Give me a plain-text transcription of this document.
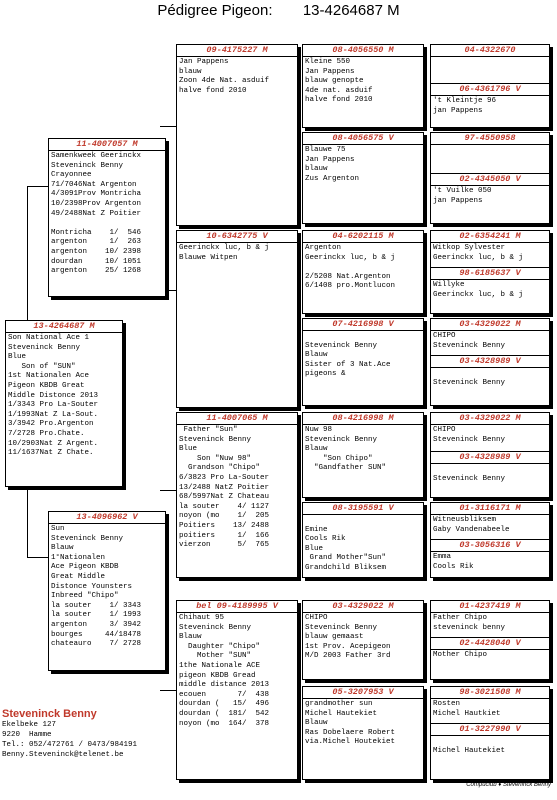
Pédigree Pigeon: 13-4264687 M
13-4264687 M
Son National Ace 1
Steveninck Benny
Blue
Son of "SUN"
1st Nationalen Ace
Pigeon KBDB Great
Middle Distonce 2013
1/3343 Pro La-Souter
1/1993Nat Z La-Sout.
3/3942 Pro.Argenton
7/2728 Pro.Chate.
10/2903Nat Z Argent.
11/1637Nat Z Chate.
11-4007057 M
Samenkweek Geerinckx
Steveninck Benny
Crayonnee
71/7046Nat Argenton
4/3091Prov Montricha
10/2398Prov Argenton
49/2488Nat Z Poitier

Montricha    1/  546
argenton     1/  263
argenton    10/ 2398
dourdan     10/ 1051
argenton    25/ 1268
13-4096962 V
Sun
Steveninck Benny
Blauw
1°Nationalen
Ace Pigeon KBDB
Great Middle
Distonce Younsters
Inbreed "Chipo"
la souter    1/ 3343
la souter    1/ 1993
argenton     3/ 3942
bourges     44/18478
chateauro    7/ 2728
09-4175227 M
Jan Pappens
blauw
Zoon 4de Nat. asduif
halve fond 2010
10-6342775 V
Geerinckx luc, b & j
Blauwe Witpen
11-4007065 M
Father "Sun"
Steveninck Benny
Blue
Son "Nuw 98"
Grandson "Chipo"
6/3823 Pro La-Souter
13/2488 NatZ Poitier
68/5997Nat Z Chateau
la souter    4/ 1127
noyon (mo    1/  205
Poitiers    13/ 2488
poitiers     1/  166
vierzon      5/  765
bel 09-4189995 V
Chihaut 95
Steveninck Benny
Blauw
Daughter "Chipo"
Mother "SUN"
1the Nationale ACE
pigeon KBDB Gread
middle distance 2013
ecouen       7/  438
dourdan (   15/  496
dourdan (  181/  542
noyon (mo  164/  378
08-4056550 M
Kleine 550
Jan Pappens
blauw genopte
4de nat. asduif
halve fond 2010
08-4056575 V
Blauwe 75
Jan Pappens
blauw
Zus Argenton
04-6202115 M
Argenton
Geerinckx luc, b & j

2/5208 Nat.Argenton
6/1408 pro.Montlucon
07-4216998 V

Steveninck Benny
Blauw
Sister of 3 Nat.Ace
pigeons &
08-4216998 M
Nuw 98
Steveninck Benny
Blauw
"Son Chipo"
"Gandfather SUN"
08-3195591 V

Emine
Cools Rik
Blue
Grand Mother"Sun"
Grandchild Bliksem
03-4329022 M
CHIPO
Steveninck Benny
blauw gemaast
1st Prov. Acepigeon
M/D 2003 Father 3rd
05-3207953 V
grandmother sun
Michel Hautekiet
Blauw
Ras Dobelaere Robert
via.Michel Houtekiet
04-4322670
06-4361796 V
't Kleintje 96
jan Pappens
97-4550958
02-4345050 V
't Vuilke 050
jan Pappens
02-6354241 M
Witkop Sylvester
Geerinckx luc, b & j
98-6185637 V
Willyke
Geerinckx luc, b & j
03-4329022 M
CHIPO
Steveninck Benny
03-4328989 V

Steveninck Benny
03-4329022 M
CHIPO
Steveninck Benny
03-4328989 V

Steveninck Benny
01-3116171 M
Witneusbliksem
Gaby Vandenabeele
03-3056316 V
Emma
Cools Rik
01-4237419 M
Father Chipo
steveninck benny
02-4428040 V
Mother Chipo
98-3021508 M
Rosten
Michel Hautkiet
01-3227990 V

Michel Hautekiet
Steveninck Benny
Ekelbeke 127
9220  Hamme
Tel.: 052/472761 / 0473/984191
Benny.Steveninck@telenet.be
Compuclub ♦ Steveninck Benny
